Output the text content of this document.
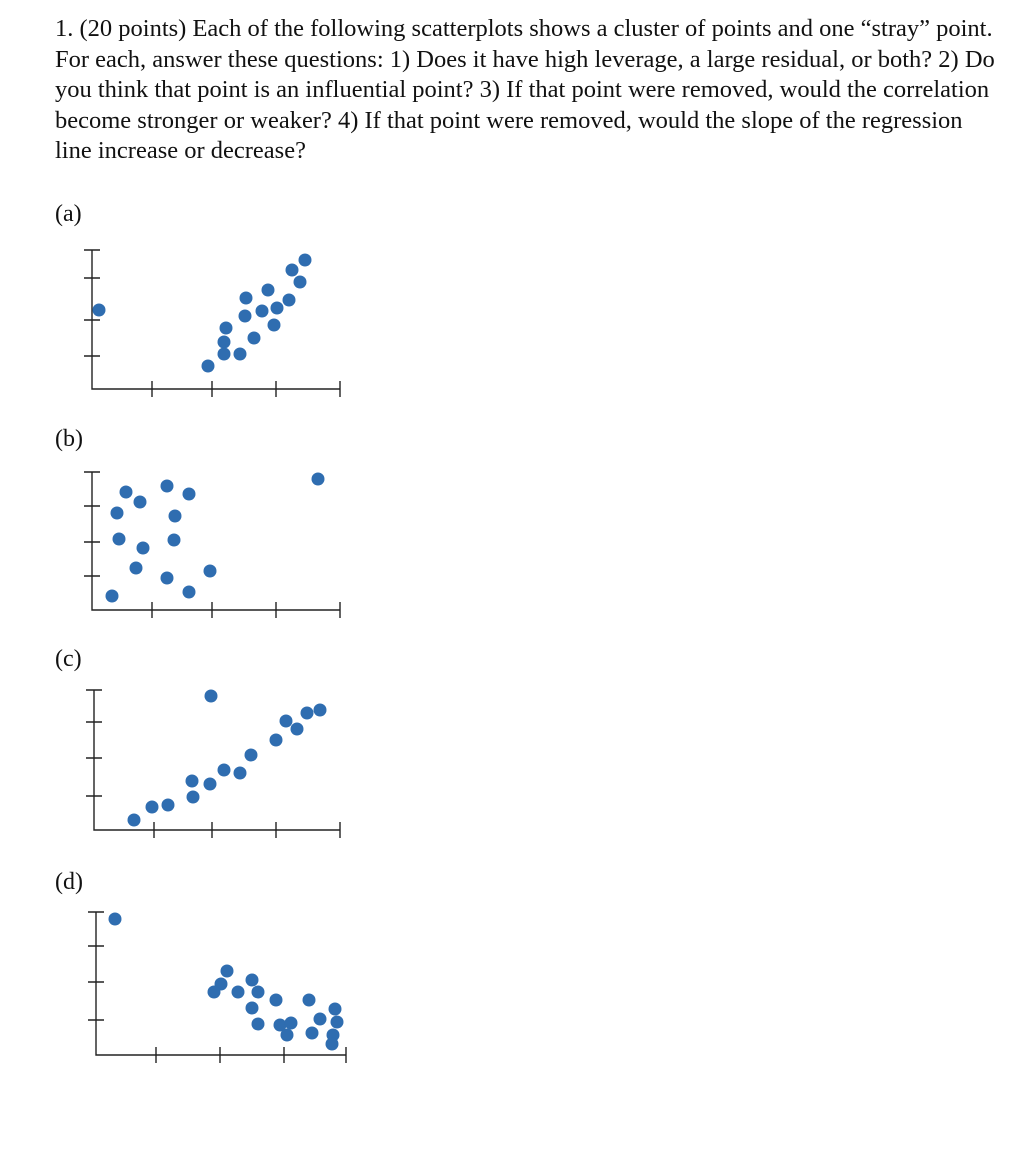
1. (20 points) Each of the following scatterplots shows a cluster of points and one “stray” point. For each, answer these questions: 1) Does it have high leverage, a large residual, or both? 2) Do you think that point is an influential point? 3) If that point were removed, would the correlation become stronger or weaker? 4) If that point were removed, would the slope of the regression line increase or decrease?

(a)
(b)
(c)
(d)
